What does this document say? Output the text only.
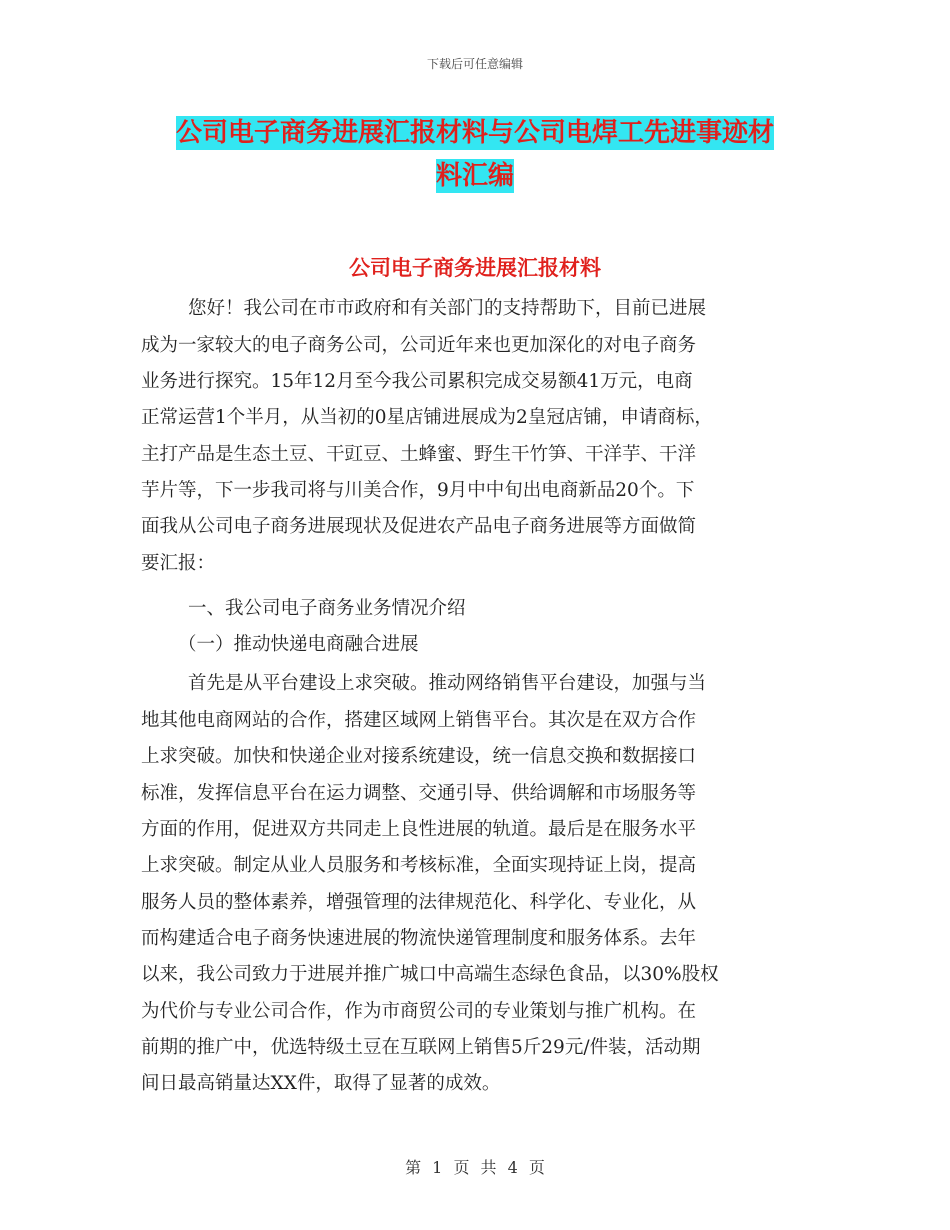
下载后可任意编辑
公司电子商务进展汇报材料与公司电焊工先进事迹材
料汇编
公司电子商务进展汇报材料
您好！我公司在市市政府和有关部门的支持帮助下，目前已进展
成为一家较大的电子商务公司，公司近年来也更加深化的对电子商务
业务进行探究。15年12月至今我公司累积完成交易额41万元，电商
正常运营1个半月，从当初的0星店铺进展成为2皇冠店铺，申请商标，
主打产品是生态土豆、干豇豆、土蜂蜜、野生干竹笋、干洋芋、干洋
芋片等，下一步我司将与川美合作，9月中中旬出电商新品20个。下
面我从公司电子商务进展现状及促进农产品电子商务进展等方面做简
要汇报：
一、我公司电子商务业务情况介绍
（一）推动快递电商融合进展
首先是从平台建设上求突破。推动网络销售平台建设，加强与当
地其他电商网站的合作，搭建区域网上销售平台。其次是在双方合作
上求突破。加快和快递企业对接系统建设，统一信息交换和数据接口
标准，发挥信息平台在运力调整、交通引导、供给调解和市场服务等
方面的作用，促进双方共同走上良性进展的轨道。最后是在服务水平
上求突破。制定从业人员服务和考核标准，全面实现持证上岗，提高
服务人员的整体素养，增强管理的法律规范化、科学化、专业化，从
而构建适合电子商务快速进展的物流快递管理制度和服务体系。去年
以来，我公司致力于进展并推广城口中高端生态绿色食品，以30%股权
为代价与专业公司合作，作为市商贸公司的专业策划与推广机构。在
前期的推广中，优选特级土豆在互联网上销售5斤29元/件装，活动期
间日最高销量达XX件，取得了显著的成效。
第 1 页 共 4 页
